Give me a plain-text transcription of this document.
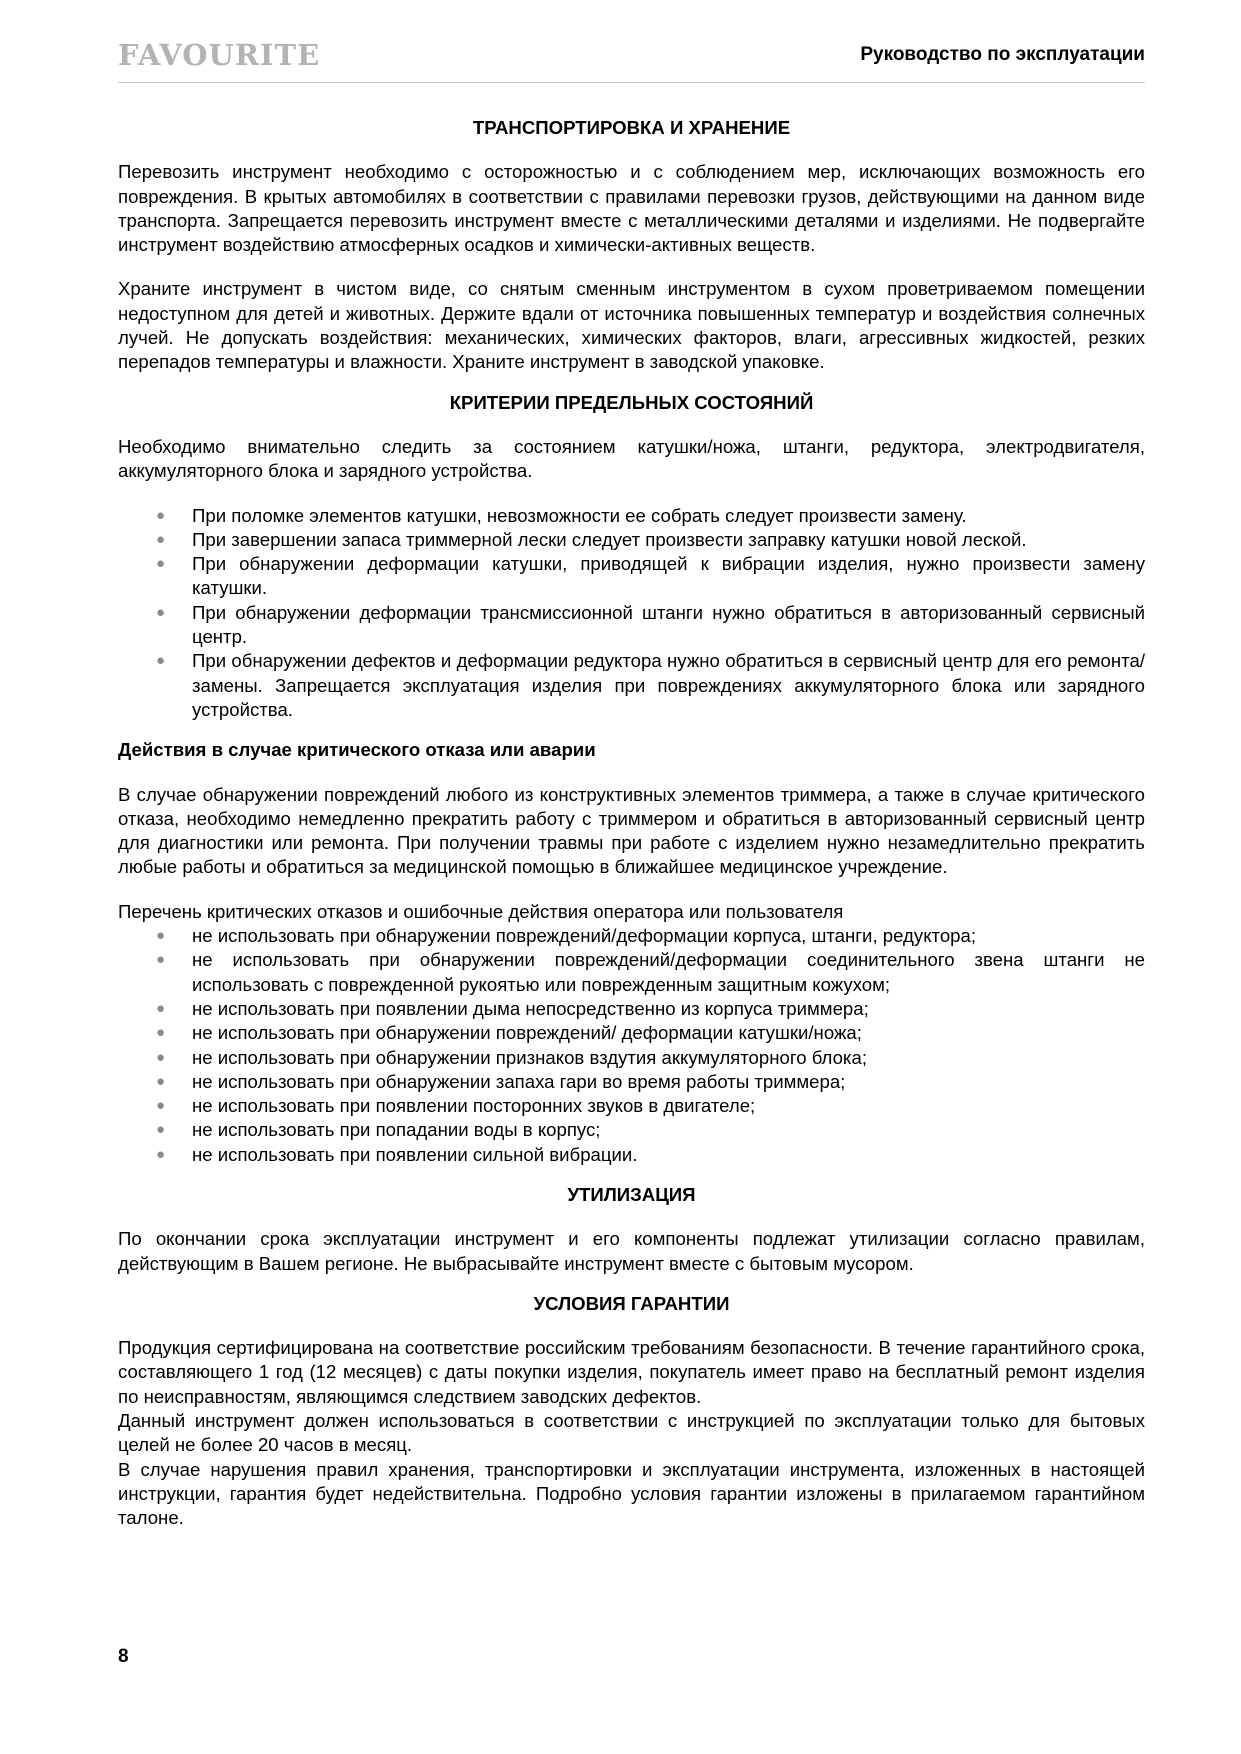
FAVOURITE	Руководство по эксплуатации
ТРАНСПОРТИРОВКА И ХРАНЕНИЕ

Перевозить инструмент необходимо с осторожностью и с соблюдением мер, исключающих возможность его повреждения. В крытых автомобилях в соответствии с правилами перевозки грузов, действующими на данном виде транспорта. Запрещается перевозить инструмент вместе с металлическими деталями и изделиями. Не подвергайте инструмент воздействию атмосферных осадков и химически-активных веществ.

Храните инструмент в чистом виде, со снятым сменным инструментом в сухом проветриваемом помещении недоступном для детей и животных. Держите вдали от источника повышенных температур и воздействия солнечных лучей. Не допускать воздействия: механических, химических факторов, влаги, агрессивных жидкостей, резких перепадов температуры и влажности. Храните инструмент в заводской упаковке.

КРИТЕРИИ ПРЕДЕЛЬНЫХ СОСТОЯНИЙ

Необходимо внимательно следить за состоянием катушки/ножа, штанги, редуктора, электродвигателя, аккумуляторного блока и зарядного устройства.

● При поломке элементов катушки, невозможности ее собрать следует произвести замену.
● При завершении запаса триммерной лески следует произвести заправку катушки новой леской.
● При обнаружении деформации катушки, приводящей к вибрации изделия, нужно произвести замену катушки.
● При обнаружении деформации трансмиссионной штанги нужно обратиться в авторизованный сервисный центр.
● При обнаружении дефектов и деформации редуктора нужно обратиться в сервисный центр для его ремонта/замены. Запрещается эксплуатация изделия при повреждениях аккумуляторного блока или зарядного устройства.
Действия в случае критического отказа или аварии

В случае обнаружении повреждений любого из конструктивных элементов триммера, а также в случае критического отказа, необходимо немедленно прекратить работу с триммером и обратиться в авторизованный сервисный центр для диагностики или ремонта. При получении травмы при работе с изделием нужно незамедлительно прекратить любые работы и обратиться за медицинской помощью в ближайшее медицинское учреждение.

Перечень критических отказов и ошибочные действия оператора или пользователя

● не использовать при обнаружении повреждений/деформации корпуса, штанги, редуктора;
● не использовать при обнаружении повреждений/деформации соединительного звена штанги не использовать с поврежденной рукоятью или поврежденным защитным кожухом;
● не использовать при появлении дыма непосредственно из корпуса триммера;
● не использовать при обнаружении повреждений/ деформации катушки/ножа;
● не использовать при обнаружении признаков вздутия аккумуляторного блока;
● не использовать при обнаружении запаха гари во время работы триммера;
● не использовать при появлении посторонних звуков в двигателе;
● не использовать при попадании воды в корпус;
● не использовать при появлении сильной вибрации.
УТИЛИЗАЦИЯ

По окончании срока эксплуатации инструмент и его компоненты подлежат утилизации согласно правилам, действующим в Вашем регионе. Не выбрасывайте инструмент вместе с бытовым мусором.

УСЛОВИЯ ГАРАНТИИ

Продукция сертифицирована на соответствие российским требованиям безопасности. В течение гарантийного срока, составляющего 1 год (12 месяцев) с даты покупки изделия, покупатель имеет право на бесплатный ремонт изделия по неисправностям, являющимся следствием заводских дефектов.

Данный инструмент должен использоваться в соответствии с инструкцией по эксплуатации только для бытовых целей не более 20 часов в месяц.

В случае нарушения правил хранения, транспортировки и эксплуатации инструмента, изложенных в настоящей инструкции, гарантия будет недействительна. Подробно условия гарантии изложены в прилагаемом гарантийном талоне.

8
